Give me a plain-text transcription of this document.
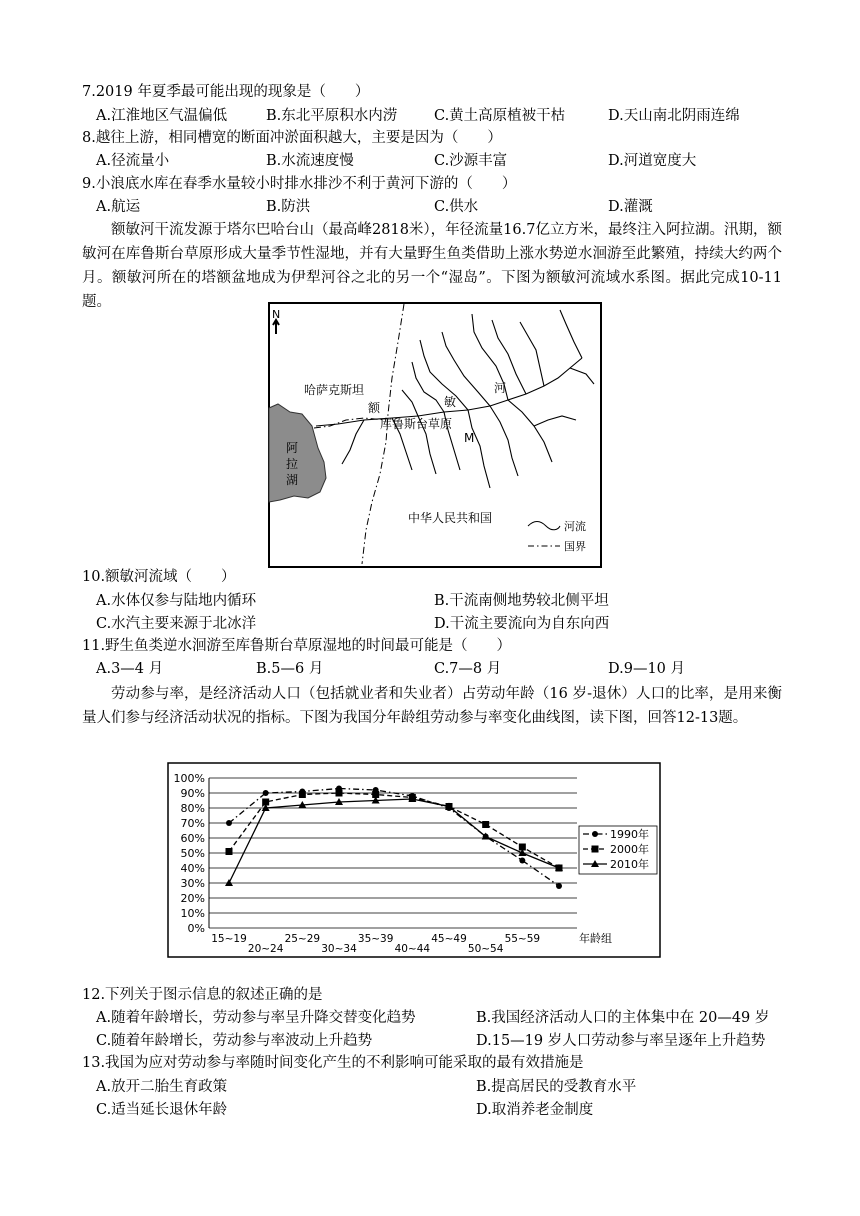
7.2019 年夏季最可能出现的现象是（　　）
A.江淮地区气温偏低	B.东北平原积水内涝	C.黄土高原植被干枯	D.天山南北阴雨连绵
8.越往上游，相同槽宽的断面冲淤面积越大，主要是因为（　　）
A.径流量小	B.水流速度慢	C.沙源丰富	D.河道宽度大
9.小浪底水库在春季水量较小时排水排沙不利于黄河下游的（　　）
A.航运	B.防洪	C.供水	D.灌溉
额敏河干流发源于塔尔巴哈台山（最高峰2818米），年径流量16.7亿立方米，最终注入阿拉湖。汛期，额敏河在库鲁斯台草原形成大量季节性湿地，并有大量野生鱼类借助上涨水势逆水洄游至此繁殖，持续大约两个月。额敏河所在的塔额盆地成为伊犁河谷之北的另一个“湿岛”。下图为额敏河流域水系图。据此完成10-11题。
N
哈萨克斯坦
阿
拉
湖
额	敏
河
库鲁斯台草原
M
中华人民共和国
河流
国界
10.额敏河流域（　　）
A.水体仅参与陆地内循环	B.干流南侧地势较北侧平坦
C.水汽主要来源于北冰洋	D.干流主要流向为自东向西
11.野生鱼类逆水洄游至库鲁斯台草原湿地的时间最可能是（　　）
A.3—4 月	B.5—6 月	C.7—8 月	D.9—10 月
劳动参与率，是经济活动人口（包括就业者和失业者）占劳动年龄（16 岁-退休）人口的比率，是用来衡量人们参与经济活动状况的指标。下图为我国分年龄组劳动参与率变化曲线图，读下图，回答12-13题。
0%
10%
20%
30%
40%
50%
60%
70%
80%
90%
100%
15~19
20~24
25~29
30~34
35~39
40~44
45~49
50~54
55~59
1990年
2000年
2010年
年龄组
12.下列关于图示信息的叙述正确的是
A.随着年龄增长，劳动参与率呈升降交替变化趋势	B.我国经济活动人口的主体集中在 20—49 岁
C.随着年龄增长，劳动参与率波动上升趋势	D.15—19 岁人口劳动参与率呈逐年上升趋势
13.我国为应对劳动参与率随时间变化产生的不利影响可能采取的最有效措施是
A.放开二胎生育政策	B.提高居民的受教育水平
C.适当延长退休年龄	D.取消养老金制度
